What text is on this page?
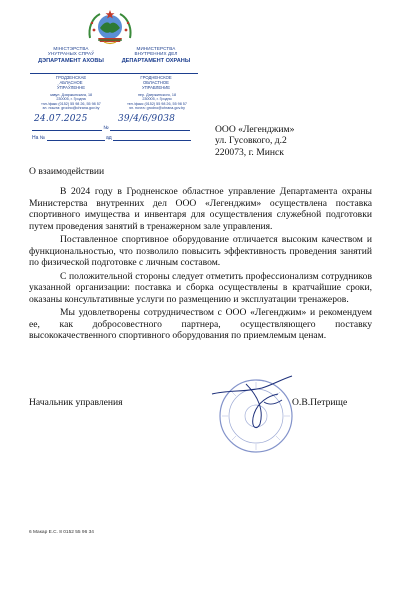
МІНІСТЭРСТВА
УНУТРАНЫХ СПРАЎ
ДЭПАРТАМЕНТ АХОВЫ
МИНИСТЕРСТВА
ВНУТРЕННИХ ДЕЛ
ДЕПАРТАМЕНТ ОХРАНЫ
ГРОДЗЕНСКАЕ
АБЛАСНОЕ
ЎПРАЎЛЕННЕ
ГРОДНЕНСКОЕ
ОБЛАСТНОЕ
УПРАВЛЕНИЕ
завул. Дзяржынскага, 18
230005, г. Гродна
тэл./факс (0152) 55 98 26, 55 98 57
эл. пошта: grodno@ohrana.gov.by
пер. Дзержинского, 18
230005, г. Гродно
тел./факс (0152) 55 98 26, 55 98 57
эл. почта: grodno@ohrana.gov.by
№
24.07.2025	39/4/6/9038
На №	ад
ООО «Легенджим»
ул. Гусовкого, д.2
220073, г. Минск
О взаимодействии

В 2024 году в Гродненское областное управление Департамента охраны Министерства внутренних дел ООО «Легенджим» осуществлена поставка спортивного имущества и инвентаря для осуществления служебной подготовки путем проведения занятий в тренажерном зале управления.

Поставленное спортивное оборудование отличается высоким качеством и функциональностью, что позволило повысить эффективность проведения занятий по физической подготовке с личным составом.

С положительной стороны следует отметить профессионализм сотрудников указанной организации: поставка и сборка осуществлены в кратчайшие сроки, оказаны консультативные услуги по размещению и эксплуатации тренажеров.

Мы удовлетворены сотрудничеством с ООО «Легенджим» и рекомендуем ее, как добросовестного партнера, осуществляющего поставку высококачественного спортивного оборудования по приемлемым ценам.

Начальник управления	О.В.Петрище
6 Макар Е.С. 8 0152 55 96 34
